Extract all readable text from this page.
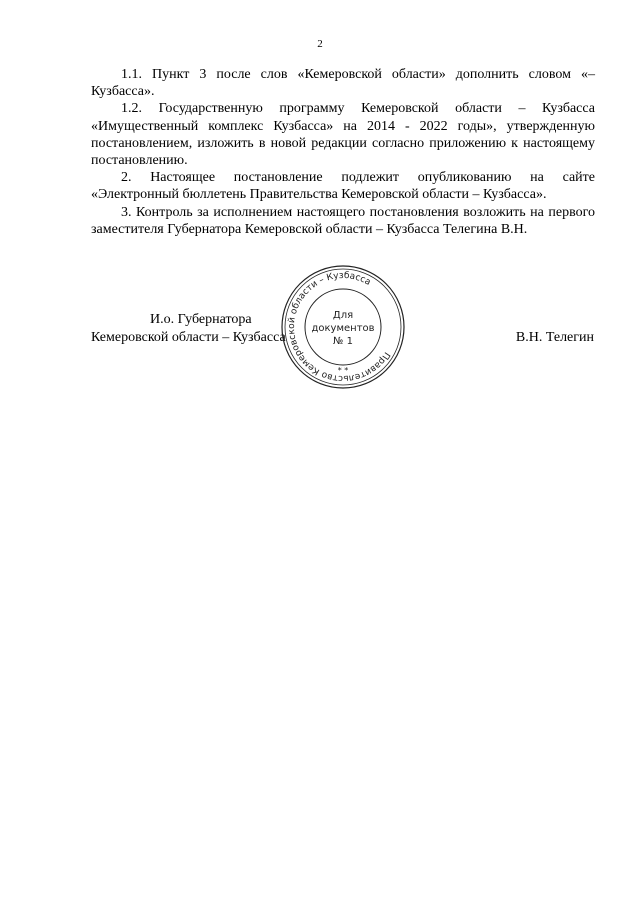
2

1.1. Пункт 3 после слов «Кемеровской области» дополнить словом «– Кузбасса».

1.2. Государственную программу Кемеровской области – Кузбасса «Имущественный комплекс Кузбасса» на 2014 - 2022 годы», утвержденную постановлением, изложить в новой редакции согласно приложению к настоящему постановлению.

2. Настоящее постановление подлежит опубликованию на сайте «Электронный бюллетень Правительства Кемеровской области – Кузбасса».

3. Контроль за исполнением настоящего постановления возложить на первого заместителя Губернатора Кемеровской области – Кузбасса Телегина В.Н.

И.о. Губернатора
Кемеровской области – Кузбасса	В.Н. Телегин
Правительство Кемеровской области – Кузбасса
Для
документов
№ 1
* *
